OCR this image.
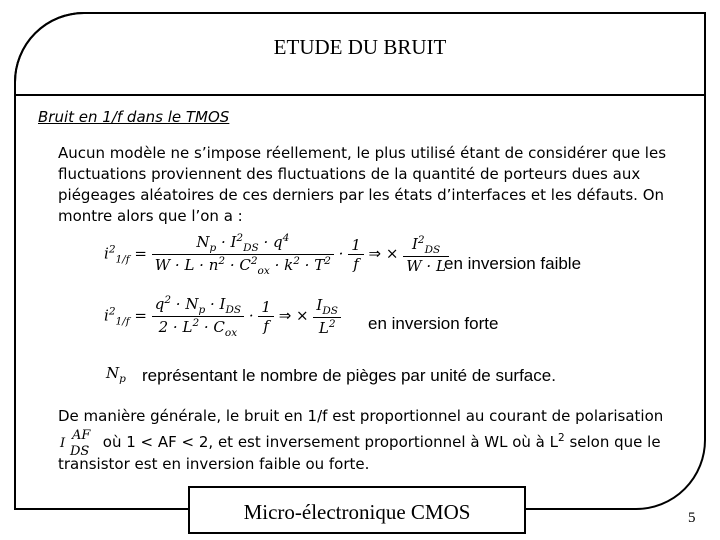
ETUDE DU BRUIT
Bruit en 1/f dans le TMOS
Aucun modèle ne s’impose réellement, le plus utilisé étant de considérer que les fluctuations proviennent des fluctuations de la quantité de porteurs dues aux piégeages aléatoires de ces derniers par les états d’interfaces et les défauts. On montre alors que l’on a :
$i^2_{1/f} = \frac{N_p \cdot I^2_{DS} \cdot q^4}{W \cdot L \cdot n^2 \cdot C^2_{ox} \cdot k^2 \cdot T^2} \cdot \frac{1}{f}$ ⇒ × $\frac{I^2_{DS}}{W \cdot L}$
en inversion faible
$i^2_{1/f} = \frac{q^2 \cdot N_p \cdot I_{DS}}{2 \cdot L^2 \cdot C_{ox}} \cdot \frac{1}{f}$ ⇒ × $\frac{I_{DS}}{L^2}$ en inversion forte
$N_p$ représentant le nombre de pièges par unité de surface.
De manière générale, le bruit en 1/f est proportionnel au courant de polarisation
AF
I
DS où 1 < AF < 2, et est inversement proportionnel à WL où à $L^2$ selon que le transistor est en inversion faible ou forte.
Micro-électronique CMOS	5
